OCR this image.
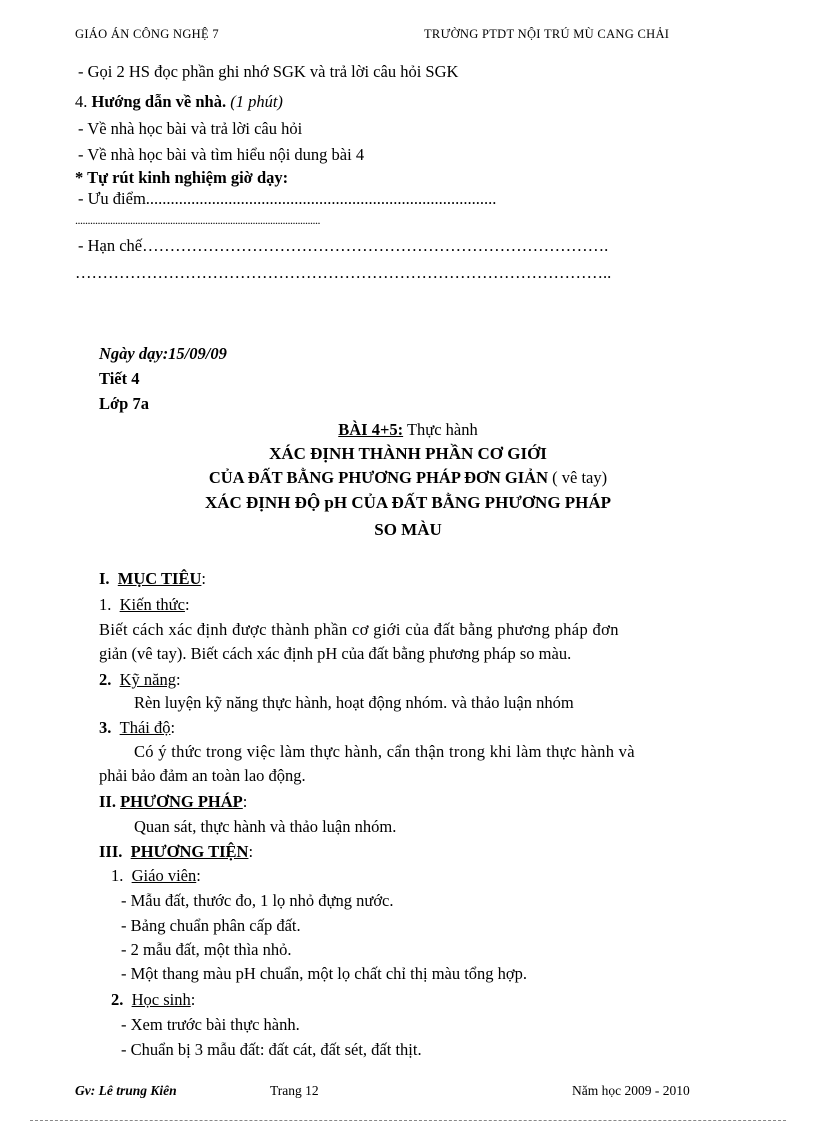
GIÁO ÁN CÔNG NGHỆ 7	TRƯỜNG PTDT NỘI TRÚ MÙ CANG CHẢI
- Gọi 2 HS đọc phần ghi nhớ SGK và trả lời câu hỏi SGK
4. Hướng dẫn về nhà. (1 phút)
- Về nhà học bài và trả lời câu hỏi
- Về nhà học bài và tìm hiểu nội dung bài 4
* Tự rút kinh nghiệm giờ dạy:
- Ưu điểm.....................................................................................
..................................................................................................
- Hạn chế………………………………………………………………………….
……………………………………………………………………………………..
Ngày dạy:15/09/09
Tiết 4
Lớp 7a
BÀI 4+5: Thực hành
XÁC ĐỊNH THÀNH PHẦN CƠ GIỚI
CỦA ĐẤT BẰNG PHƯƠNG PHÁP ĐƠN GIẢN ( vê tay)
XÁC ĐỊNH ĐỘ pH CỦA ĐẤT BẰNG PHƯƠNG PHÁP
SO MÀU
I. MỤC TIÊU:
1. Kiến thức:
Biết cách xác định được thành phần cơ giới của đất bằng phương pháp đơn
giản (vê tay). Biết cách xác định pH của đất bằng phương pháp so màu.
2. Kỹ năng:
Rèn luyện kỹ năng thực hành, hoạt động nhóm. và thảo luận nhóm
3. Thái độ:
Có ý thức trong việc làm thực hành, cẩn thận trong khi làm thực hành và
phải bảo đảm an toàn lao động.
II. PHƯƠNG PHÁP:
Quan sát, thực hành và thảo luận nhóm.
III. PHƯƠNG TIỆN:
1. Giáo viên:
- Mẫu đất, thước đo, 1 lọ nhỏ đựng nước.
- Bảng chuẩn phân cấp đất.
- 2 mẫu đất, một thìa nhỏ.
- Một thang màu pH chuẩn, một lọ chất chỉ thị màu tổng hợp.
2. Học sinh:
- Xem trước bài thực hành.
- Chuẩn bị 3 mẫu đất: đất cát, đất sét, đất thịt.
Gv: Lê trung Kiên	Trang 12	Năm học 2009 - 2010
